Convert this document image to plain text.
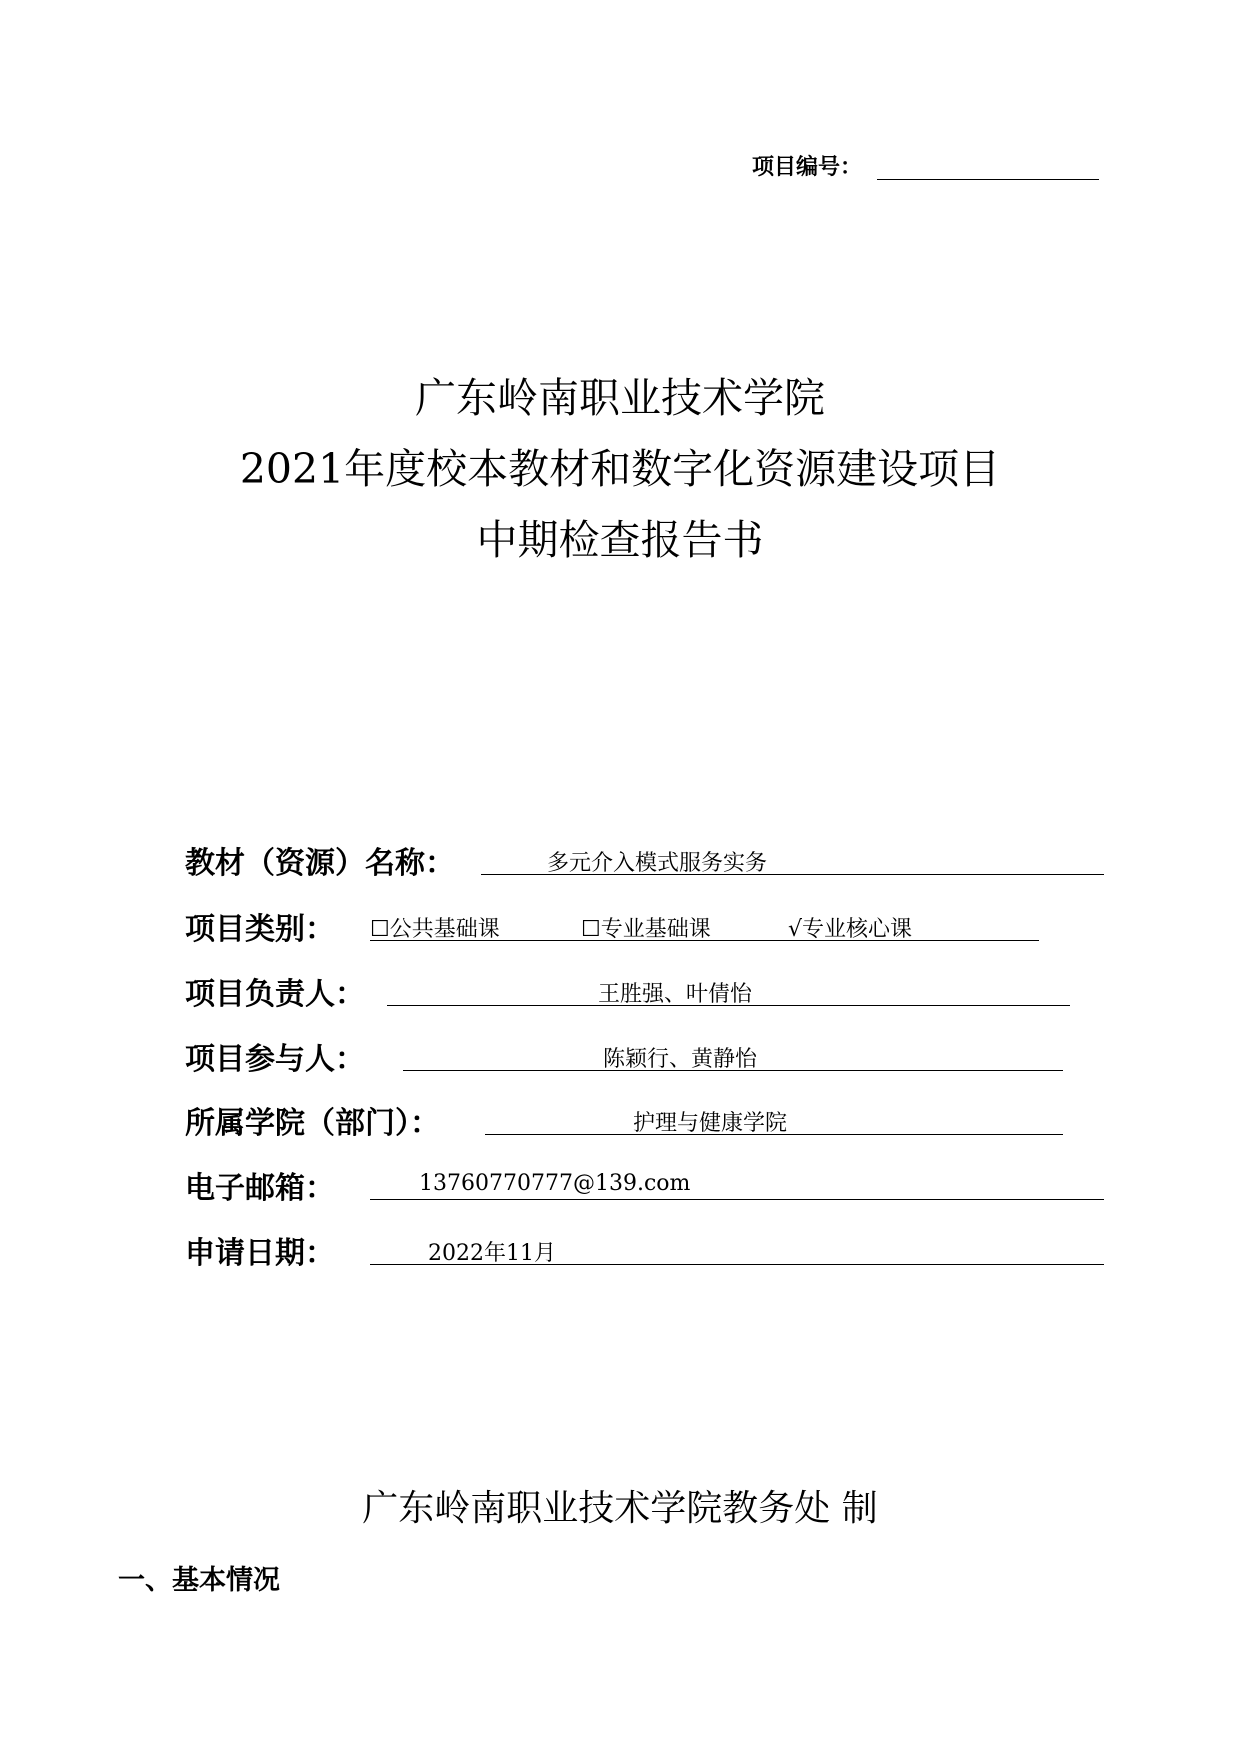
项目编号：
广东岭南职业技术学院
2021年度校本教材和数字化资源建设项目
中期检查报告书
教材（资源）名称：	多元介入模式服务实务
项目类别： ☐公共基础课	☐专业基础课	√专业核心课
项目负责人：	王胜强、叶倩怡
项目参与人：	陈颖行、黄静怡
所属学院（部门）：	护理与健康学院
电子邮箱：	13760770777@139.com
申请日期：	2022年11月
广东岭南职业技术学院教务处 制
一、基本情况
